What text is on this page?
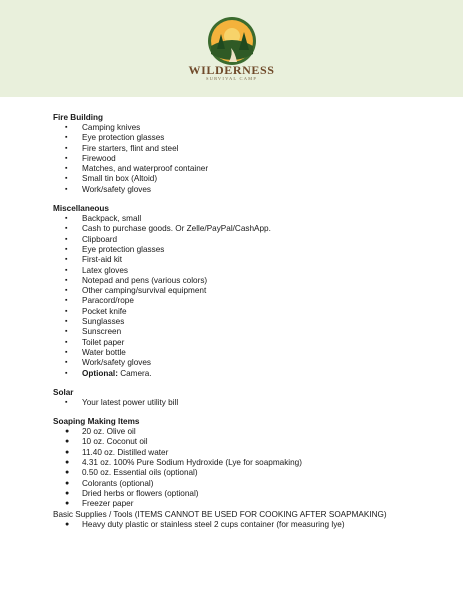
WILDERNESS
SURVIVAL CAMP
Fire Building
▪ Camping knives
▪ Eye protection glasses
▪ Fire starters, flint and steel
▪ Firewood
▪ Matches, and waterproof container
▪ Small tin box (Altoid)
▪ Work/safety gloves
Miscellaneous
▪ Backpack, small
▪ Cash to purchase goods. Or Zelle/PayPal/CashApp.
▪ Clipboard
▪ Eye protection glasses
▪ First-aid kit
▪ Latex gloves
▪ Notepad and pens (various colors)
▪ Other camping/survival equipment
▪ Paracord/rope
▪ Pocket knife
▪ Sunglasses
▪ Sunscreen
▪ Toilet paper
▪ Water bottle
▪ Work/safety gloves
▪ Optional: Camera.
Solar
▪ Your latest power utility bill
Soaping Making Items
● 20 oz. Olive oil
● 10 oz. Coconut oil
● 11.40 oz. Distilled water
● 4.31 oz. 100% Pure Sodium Hydroxide (Lye for soapmaking)
● 0.50 oz. Essential oils (optional)
● Colorants (optional)
● Dried herbs or flowers (optional)
● Freezer paper
Basic Supplies / Tools (ITEMS CANNOT BE USED FOR COOKING AFTER SOAPMAKING)
● Heavy duty plastic or stainless steel 2 cups container (for measuring lye)
